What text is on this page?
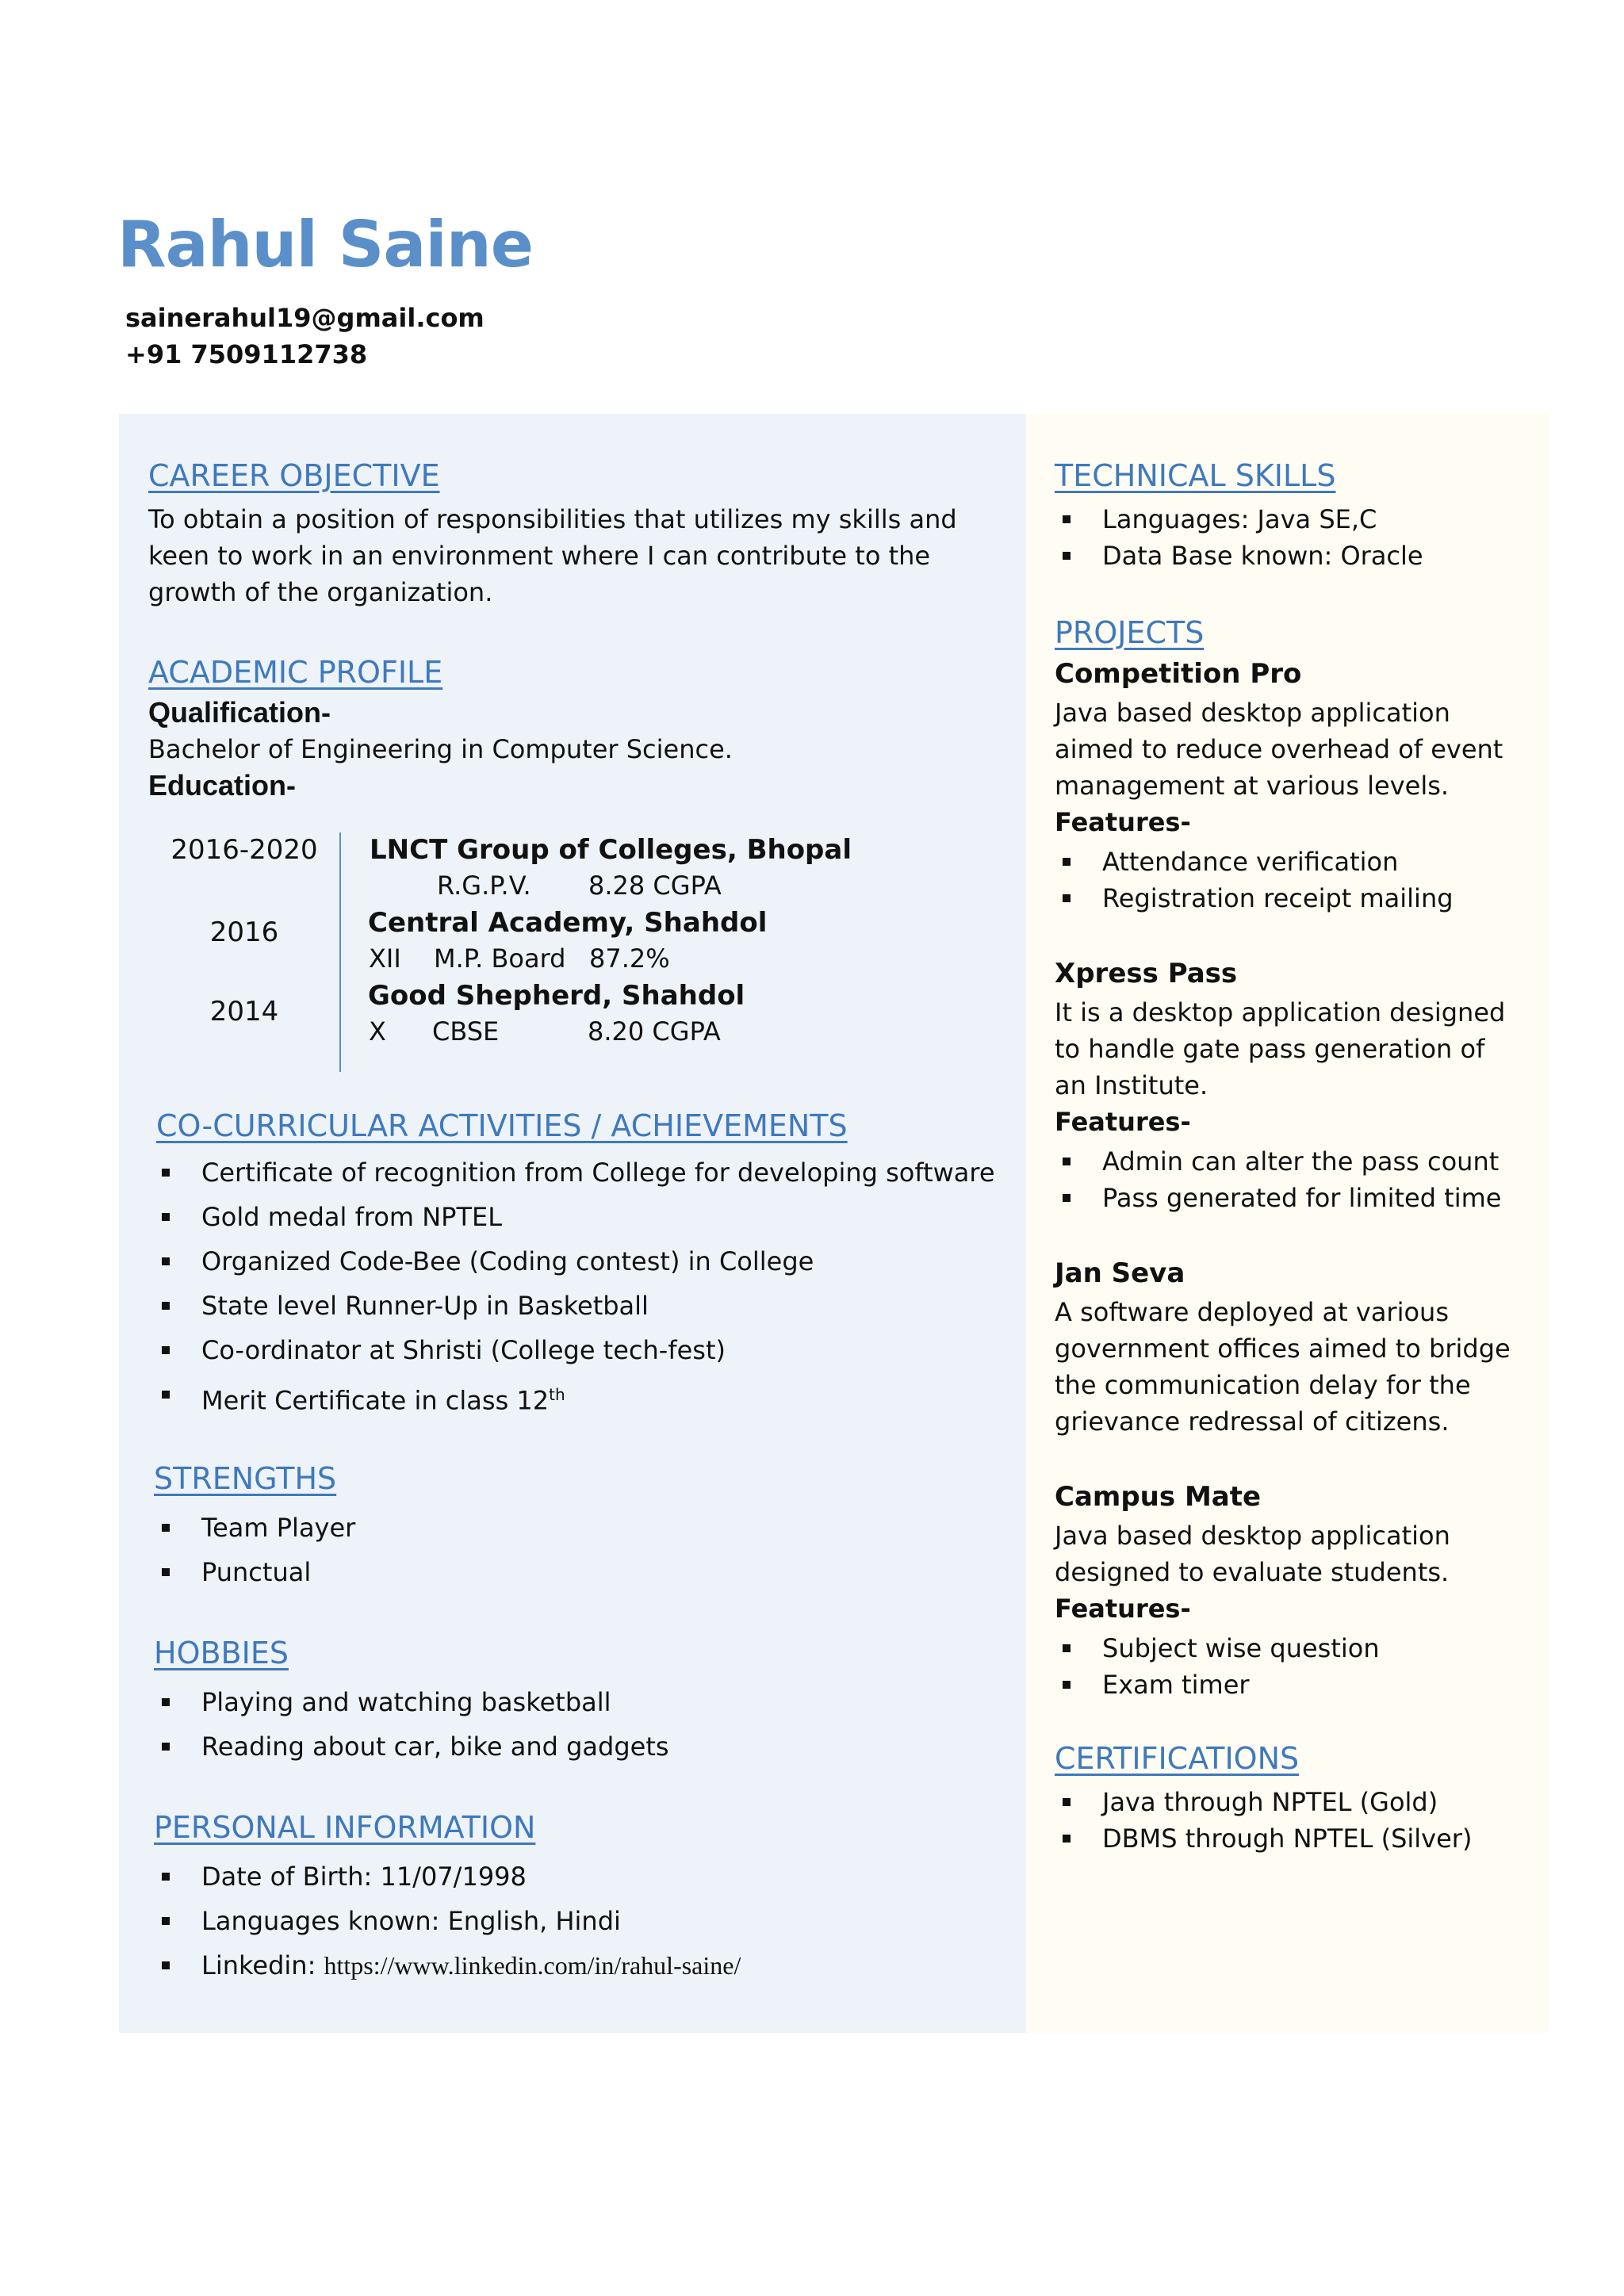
Rahul Saine
sainerahul19@gmail.com
+91 7509112738
CAREER OBJECTIVE
To obtain a position of responsibilities that utilizes my skills and keen to work in an environment where I can contribute to the growth of the organization.
ACADEMIC PROFILE
Qualification-
Bachelor of Engineering in Computer Science.
Education-
2016-2020 LNCT Group of Colleges, Bhopal
R.G.P.V. 8.28 CGPA
2016	Central Academy, Shahdol
XII M.P. Board 87.2%
2014	Good Shepherd, Shahdol
X CBSE	8.20 CGPA
CO-CURRICULAR ACTIVITIES / ACHIEVEMENTS
Certificate of recognition from College for developing software
Gold medal from NPTEL
Organized Code-Bee (Coding contest) in College
State level Runner-Up in Basketball
Co-ordinator at Shristi (College tech-fest)
Merit Certificate in class 12th
STRENGTHS
Team Player
Punctual
HOBBIES
Playing and watching basketball
Reading about car, bike and gadgets
PERSONAL INFORMATION
Date of Birth: 11/07/1998
Languages known: English, Hindi
Linkedin: https://www.linkedin.com/in/rahul-saine/
TECHNICAL SKILLS
Languages: Java SE,C
Data Base known: Oracle
PROJECTS
Competition Pro
Java based desktop application
aimed to reduce overhead of event
management at various levels.
Features-
Attendance verification
Registration receipt mailing
Xpress Pass
It is a desktop application designed
to handle gate pass generation of
an Institute.
Features-
Admin can alter the pass count
Pass generated for limited time
Jan Seva
A software deployed at various
government offices aimed to bridge
the communication delay for the
grievance redressal of citizens.
Campus Mate
Java based desktop application
designed to evaluate students.
Features-
Subject wise question
Exam timer
CERTIFICATIONS
Java through NPTEL (Gold)
DBMS through NPTEL (Silver)
